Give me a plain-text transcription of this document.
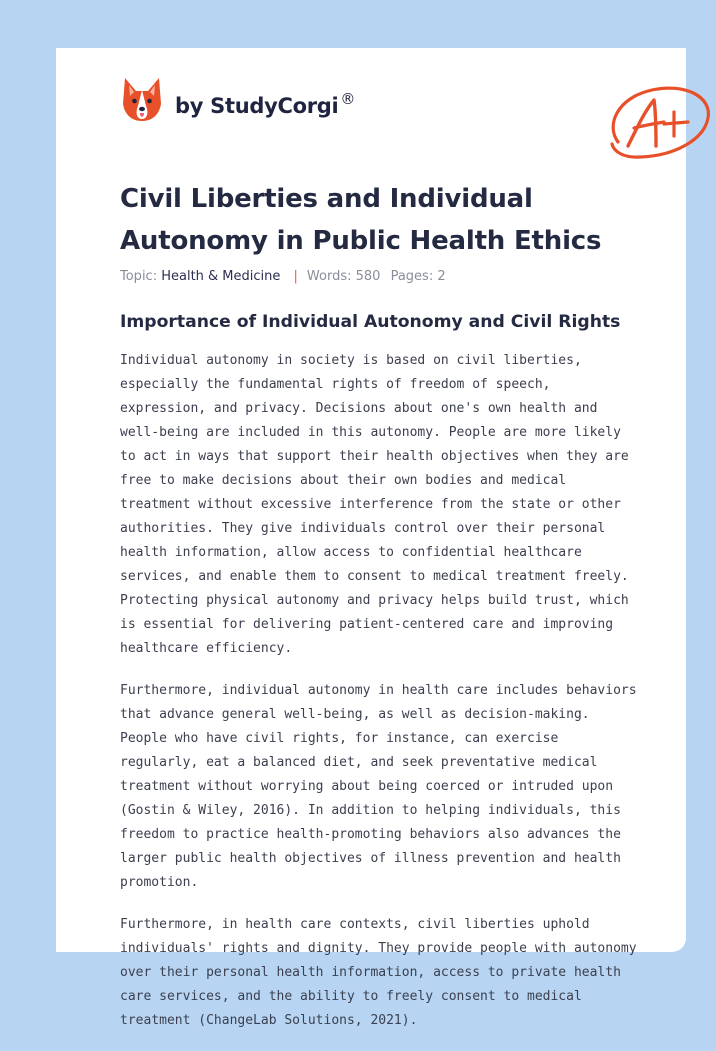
by StudyCorgi ®
Civil Liberties and Individual Autonomy in Public Health Ethics
Topic: Health & Medicine | Words: 580 Pages: 2
Importance of Individual Autonomy and Civil Rights

Individual autonomy in society is based on civil liberties, especially the fundamental rights of freedom of speech, expression, and privacy. Decisions about one's own health and well-being are included in this autonomy. People are more likely to act in ways that support their health objectives when they are free to make decisions about their own bodies and medical treatment without excessive interference from the state or other authorities. They give individuals control over their personal health information, allow access to confidential healthcare services, and enable them to consent to medical treatment freely. Protecting physical autonomy and privacy helps build trust, which is essential for delivering patient-centered care and improving healthcare efficiency.

Furthermore, individual autonomy in health care includes behaviors that advance general well-being, as well as decision-making. People who have civil rights, for instance, can exercise regularly, eat a balanced diet, and seek preventative medical treatment without worrying about being coerced or intruded upon (Gostin & Wiley, 2016). In addition to helping individuals, this freedom to practice health-promoting behaviors also advances the larger public health objectives of illness prevention and health promotion.

Furthermore, in health care contexts, civil liberties uphold individuals' rights and dignity. They provide people with autonomy over their personal health information, access to private health care services, and the ability to freely consent to medical treatment (ChangeLab Solutions, 2021).
